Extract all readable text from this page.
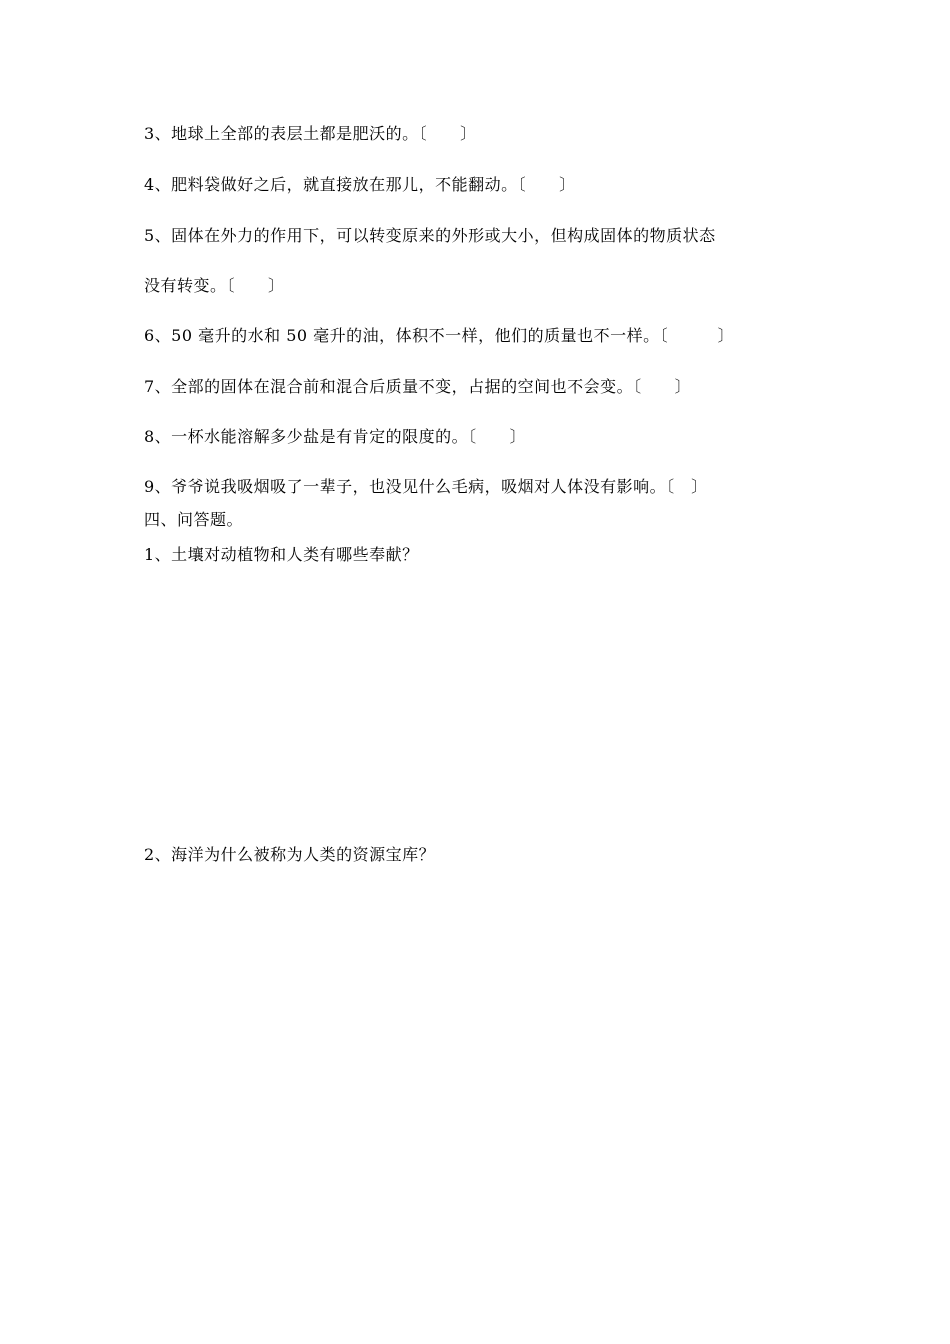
3、地球上全部的表层土都是肥沃的。〔　　〕
4、肥料袋做好之后，就直接放在那儿，不能翻动。〔　　〕
5、固体在外力的作用下，可以转变原来的外形或大小，但构成固体的物质状态
没有转变。〔　　〕
6、50 毫升的水和 50 毫升的油，体积不一样，他们的质量也不一样。〔　　　〕
7、全部的固体在混合前和混合后质量不变，占据的空间也不会变。〔　　〕
8、一杯水能溶解多少盐是有肯定的限度的。〔　　〕
9、爷爷说我吸烟吸了一辈子，也没见什么毛病，吸烟对人体没有影响。〔　〕
四、问答题。
1、土壤对动植物和人类有哪些奉献？
2、海洋为什么被称为人类的资源宝库？
